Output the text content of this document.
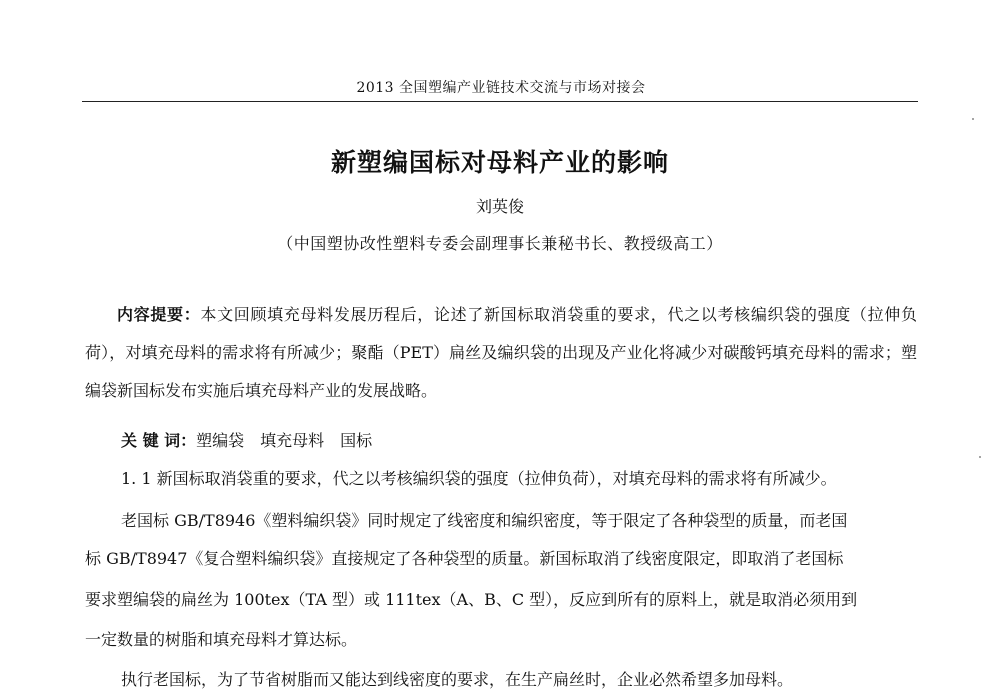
2013 全国塑编产业链技术交流与市场对接会
新塑编国标对母料产业的影响
刘英俊
（中国塑协改性塑料专委会副理事长兼秘书长、教授级高工）
内容提要：本文回顾填充母料发展历程后，论述了新国标取消袋重的要求，代之以考核编织袋的强度（拉伸负荷），对填充母料的需求将有所减少；聚酯（PET）扁丝及编织袋的出现及产业化将减少对碳酸钙填充母料的需求；塑编袋新国标发布实施后填充母料产业的发展战略。
关 键 词：塑编袋　填充母料　国标
1. 1 新国标取消袋重的要求，代之以考核编织袋的强度（拉伸负荷），对填充母料的需求将有所减少。
老国标 GB/T8946《塑料编织袋》同时规定了线密度和编织密度，等于限定了各种袋型的质量，而老国
标 GB/T8947《复合塑料编织袋》直接规定了各种袋型的质量。新国标取消了线密度限定，即取消了老国标
要求塑编袋的扁丝为 100tex（TA 型）或 111tex（A、B、C 型），反应到所有的原料上，就是取消必须用到
一定数量的树脂和填充母料才算达标。
执行老国标，为了节省树脂而又能达到线密度的要求，在生产扁丝时，企业必然希望多加母料。
